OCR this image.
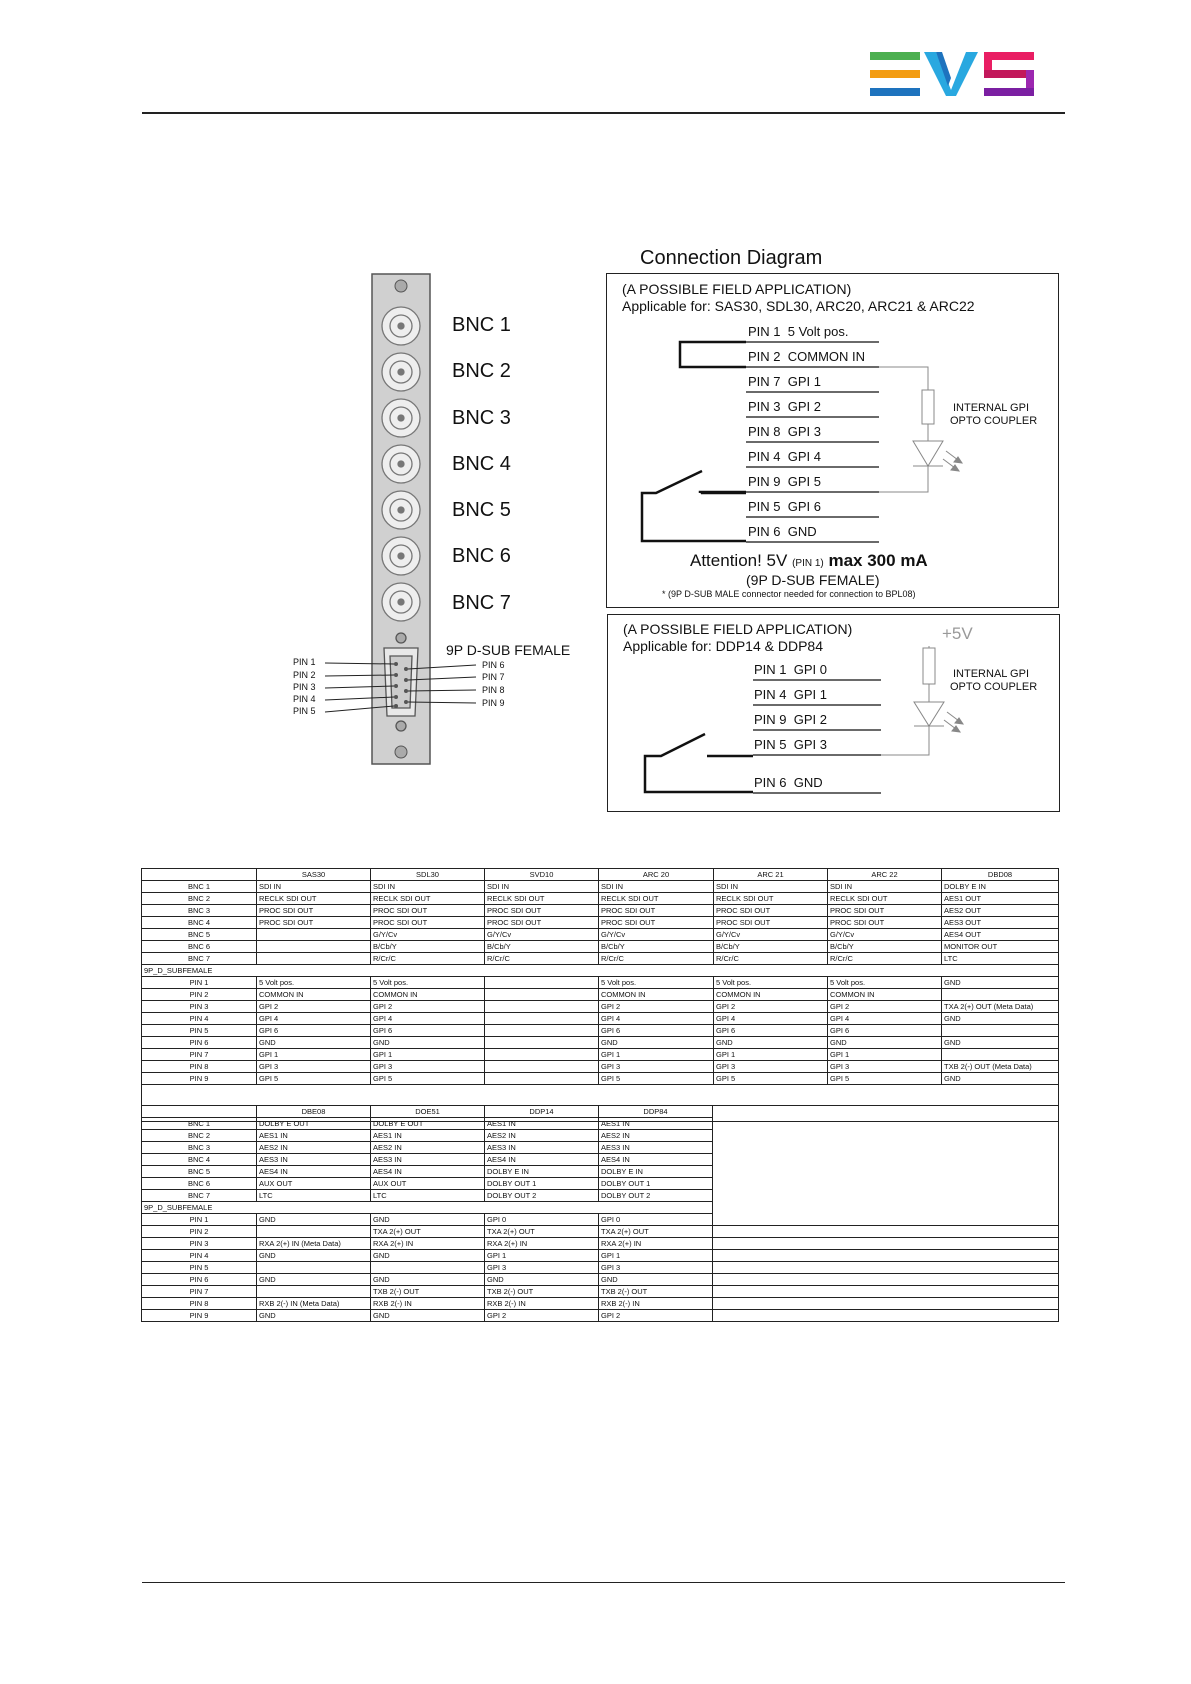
Connection Diagram
BNC 1
BNC 2
BNC 3
BNC 4
BNC 5
BNC 6
BNC 7
9P D-SUB FEMALE
PIN 1
PIN 2
PIN 3
PIN 4
PIN 5
PIN 6
PIN 7
PIN 8
PIN 9
(A POSSIBLE FIELD APPLICATION)
Applicable for: SAS30, SDL30, ARC20, ARC21 & ARC22
PIN 1  5 Volt pos.
PIN 2  COMMON IN
PIN 7  GPI 1
PIN 3  GPI 2
PIN 8  GPI 3
PIN 4  GPI 4
PIN 9  GPI 5
PIN 5  GPI 6
PIN 6  GND
INTERNAL GPI
OPTO COUPLER
Attention! 5V (PIN 1) max 300 mA
(9P D-SUB FEMALE)
* (9P D-SUB MALE connector needed for connection to BPL08)
(A POSSIBLE FIELD APPLICATION)
Applicable for: DDP14 & DDP84
+5V
PIN 1  GPI 0
PIN 4  GPI 1
PIN 9  GPI 2
PIN 5  GPI 3
PIN 6  GND
INTERNAL GPI
OPTO COUPLER
	SAS30	SDL30	SVD10	ARC 20	ARC 21	ARC 22	DBD08
BNC 1	SDI IN	SDI IN	SDI IN	SDI IN	SDI IN	SDI IN	DOLBY E IN
BNC 2	RECLK SDI OUT	RECLK SDI OUT	RECLK SDI OUT	RECLK SDI OUT	RECLK SDI OUT	RECLK SDI OUT	AES1 OUT
BNC 3	PROC SDI OUT	PROC SDI OUT	PROC SDI OUT	PROC SDI OUT	PROC SDI OUT	PROC SDI OUT	AES2 OUT
BNC 4	PROC SDI OUT	PROC SDI OUT	PROC SDI OUT	PROC SDI OUT	PROC SDI OUT	PROC SDI OUT	AES3 OUT
BNC 5		G/Y/Cv	G/Y/Cv	G/Y/Cv	G/Y/Cv	G/Y/Cv	AES4 OUT
BNC 6		B/Cb/Y	B/Cb/Y	B/Cb/Y	B/Cb/Y	B/Cb/Y	MONITOR OUT
BNC 7		R/Cr/C	R/Cr/C	R/Cr/C	R/Cr/C	R/Cr/C	LTC
9P_D_SUBFEMALE							
PIN 1	5 Volt pos.	5 Volt pos.		5 Volt pos.	5 Volt pos.	5 Volt pos.	GND
PIN 2	COMMON IN	COMMON IN		COMMON IN	COMMON IN	COMMON IN	
PIN 3	GPI 2	GPI 2		GPI 2	GPI 2	GPI 2	TXA 2(+) OUT (Meta Data)
PIN 4	GPI 4	GPI 4		GPI 4	GPI 4	GPI 4	GND
PIN 5	GPI 6	GPI 6		GPI 6	GPI 6	GPI 6	
PIN 6	GND	GND		GND	GND	GND	GND
PIN 7	GPI 1	GPI 1		GPI 1	GPI 1	GPI 1	
PIN 8	GPI 3	GPI 3		GPI 3	GPI 3	GPI 3	TXB 2(-) OUT (Meta Data)
PIN 9	GPI 5	GPI 5		GPI 5	GPI 5	GPI 5	GND

	DBE08	DOE51	DDP14	DDP84	
BNC 1	DOLBY E OUT	DOLBY E OUT	AES1 IN	AES1 IN	
BNC 2	AES1 IN	AES1 IN	AES2 IN	AES2 IN	
BNC 3	AES2 IN	AES2 IN	AES3 IN	AES3 IN	
BNC 4	AES3 IN	AES3 IN	AES4 IN	AES4 IN	
BNC 5	AES4 IN	AES4 IN	DOLBY E IN	DOLBY E IN	
BNC 6	AUX OUT	AUX OUT	DOLBY OUT 1	DOLBY OUT 1	
BNC 7	LTC	LTC	DOLBY OUT 2	DOLBY OUT 2	
9P_D_SUBFEMALE					
PIN 1	GND	GND	GPI 0	GPI 0	
PIN 2		TXA 2(+) OUT	TXA 2(+) OUT	TXA 2(+) OUT	
PIN 3	RXA 2(+) IN (Meta Data)	RXA 2(+) IN	RXA 2(+) IN	RXA 2(+) IN	
PIN 4	GND	GND	GPI 1	GPI 1	
PIN 5			GPI 3	GPI 3	
PIN 6	GND	GND	GND	GND	
PIN 7		TXB 2(-) OUT	TXB 2(-) OUT	TXB 2(-) OUT	
PIN 8	RXB 2(-) IN (Meta Data)	RXB 2(-) IN	RXB 2(-) IN	RXB 2(-) IN	
PIN 9	GND	GND	GPI 2	GPI 2	
